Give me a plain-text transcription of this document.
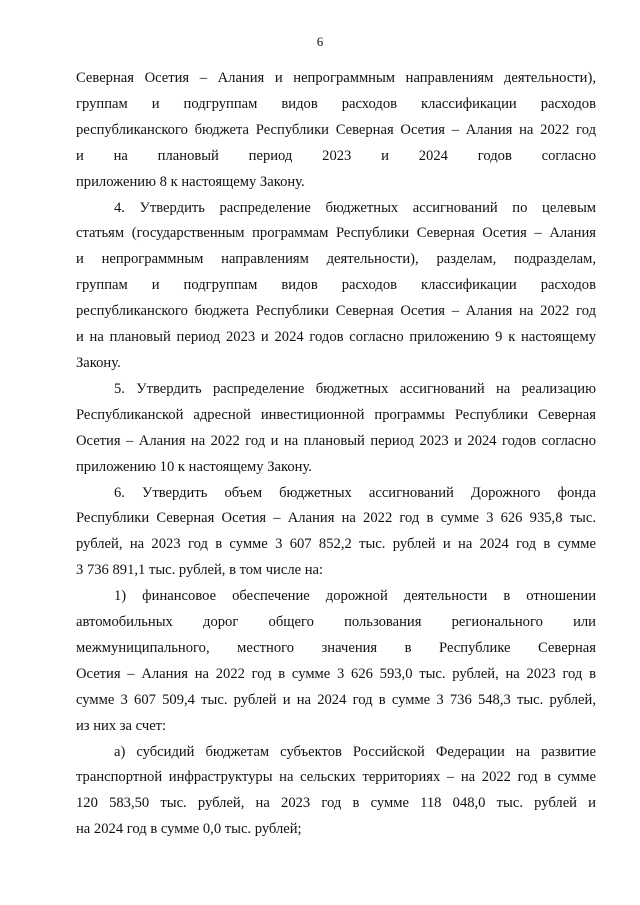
6

Северная Осетия – Алания и непрограммным направлениям деятельности),
группам и подгруппам видов расходов классификации расходов
республиканского бюджета Республики Северная Осетия – Алания на 2022 год
и на плановый период 2023 и 2024 годов согласно
приложению 8 к настоящему Закону.

4. Утвердить распределение бюджетных ассигнований по целевым
статьям (государственным программам Республики Северная Осетия – Алания
и непрограммным направлениям деятельности), разделам, подразделам,
группам и подгруппам видов расходов классификации расходов
республиканского бюджета Республики Северная Осетия – Алания на 2022 год
и на плановый период 2023 и 2024 годов согласно приложению 9 к настоящему
Закону.

5. Утвердить распределение бюджетных ассигнований на реализацию
Республиканской адресной инвестиционной программы Республики Северная
Осетия – Алания на 2022 год и на плановый период 2023 и 2024 годов согласно
приложению 10 к настоящему Закону.

6. Утвердить объем бюджетных ассигнований Дорожного фонда
Республики Северная Осетия – Алания на 2022 год в сумме 3 626 935,8 тыс.
рублей, на 2023 год в сумме 3 607 852,2 тыс. рублей и на 2024 год в сумме
3 736 891,1 тыс. рублей, в том числе на:

1) финансовое обеспечение дорожной деятельности в отношении
автомобильных дорог общего пользования регионального или
межмуниципального, местного значения в Республике Северная
Осетия – Алания на 2022 год в сумме 3 626 593,0 тыс. рублей, на 2023 год в
сумме 3 607 509,4 тыс. рублей и на 2024 год в сумме 3 736 548,3 тыс. рублей,
из них за счет:

а) субсидий бюджетам субъектов Российской Федерации на развитие
транспортной инфраструктуры на сельских территориях – на 2022 год в сумме
120 583,50 тыс. рублей, на 2023 год в сумме 118 048,0 тыс. рублей и
на 2024 год в сумме 0,0 тыс. рублей;
